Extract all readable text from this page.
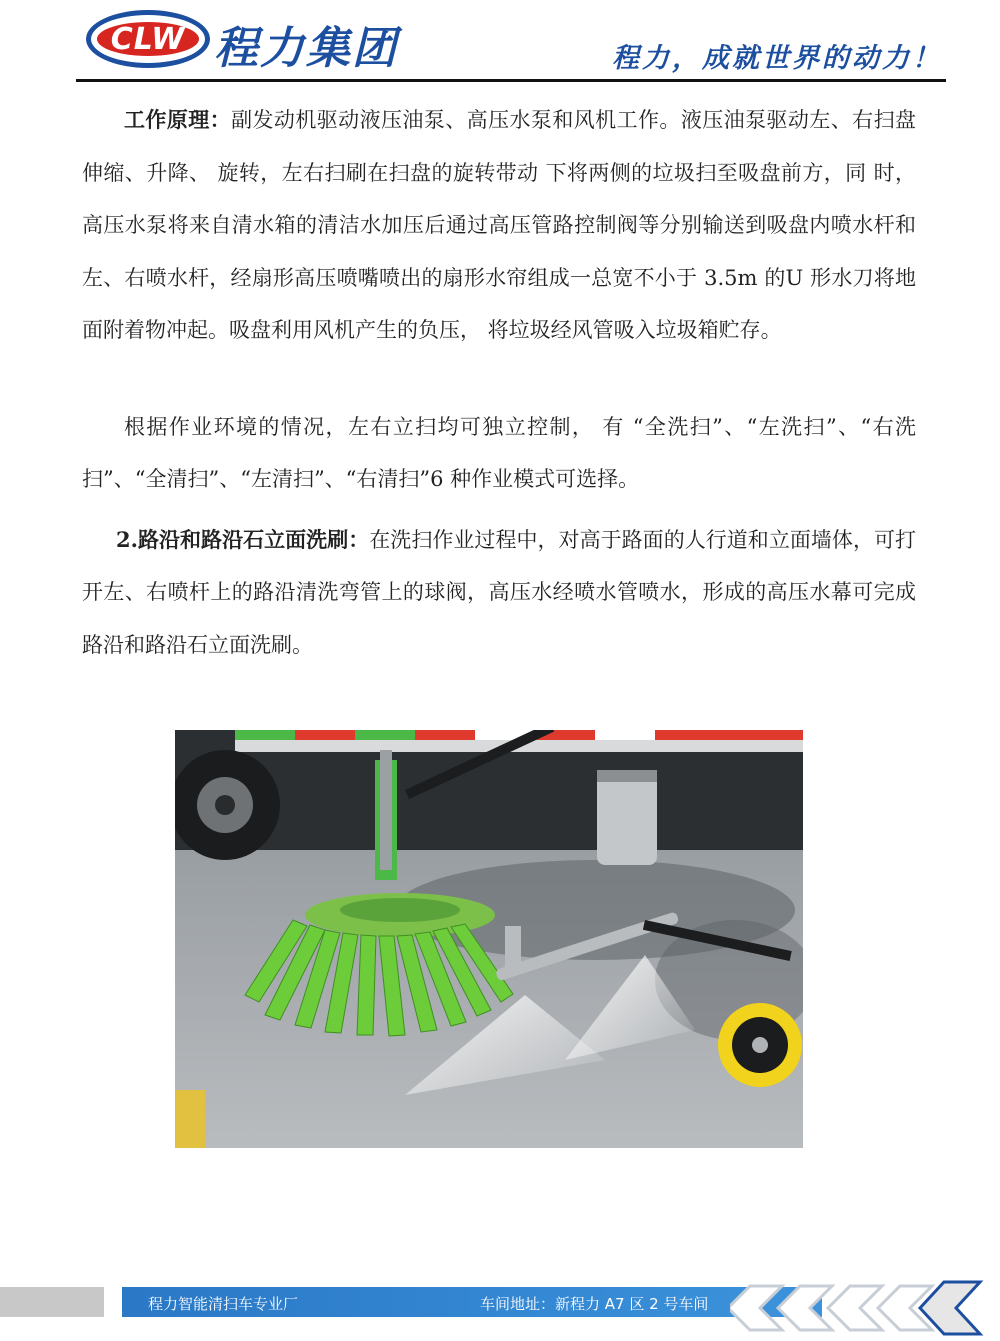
CLW 程力集团	程力，成就世界的动力！

工作原理：副发动机驱动液压油泵、高压水泵和风机工作。液压油泵驱动左、右扫盘伸缩、升降、 旋转，左右扫刷在扫盘的旋转带动 下将两侧的垃圾扫至吸盘前方，同 时，高压水泵将来自清水箱的清洁水加压后通过高压管路控制阀等分别输送到吸盘内喷水杆和左、右喷水杆，经扇形高压喷嘴喷出的扇形水帘组成一总宽不小于 3.5m 的U 形水刀将地面附着物冲起。吸盘利用风机产生的负压， 将垃圾经风管吸入垃圾箱贮存。

根据作业环境的情况，左右立扫均可独立控制， 有 “全洗扫”、“左洗扫”、“右洗扫”、“全清扫”、“左清扫”、“右清扫”6 种作业模式可选择。

2.路沿和路沿石立面洗刷：在洗扫作业过程中，对高于路面的人行道和立面墙体，可打开左、右喷杆上的路沿清洗弯管上的球阀，高压水经喷水管喷水，形成的高压水幕可完成路沿和路沿石立面洗刷。

程力智能清扫车专业厂	车间地址：新程力 A7 区 2 号车间
